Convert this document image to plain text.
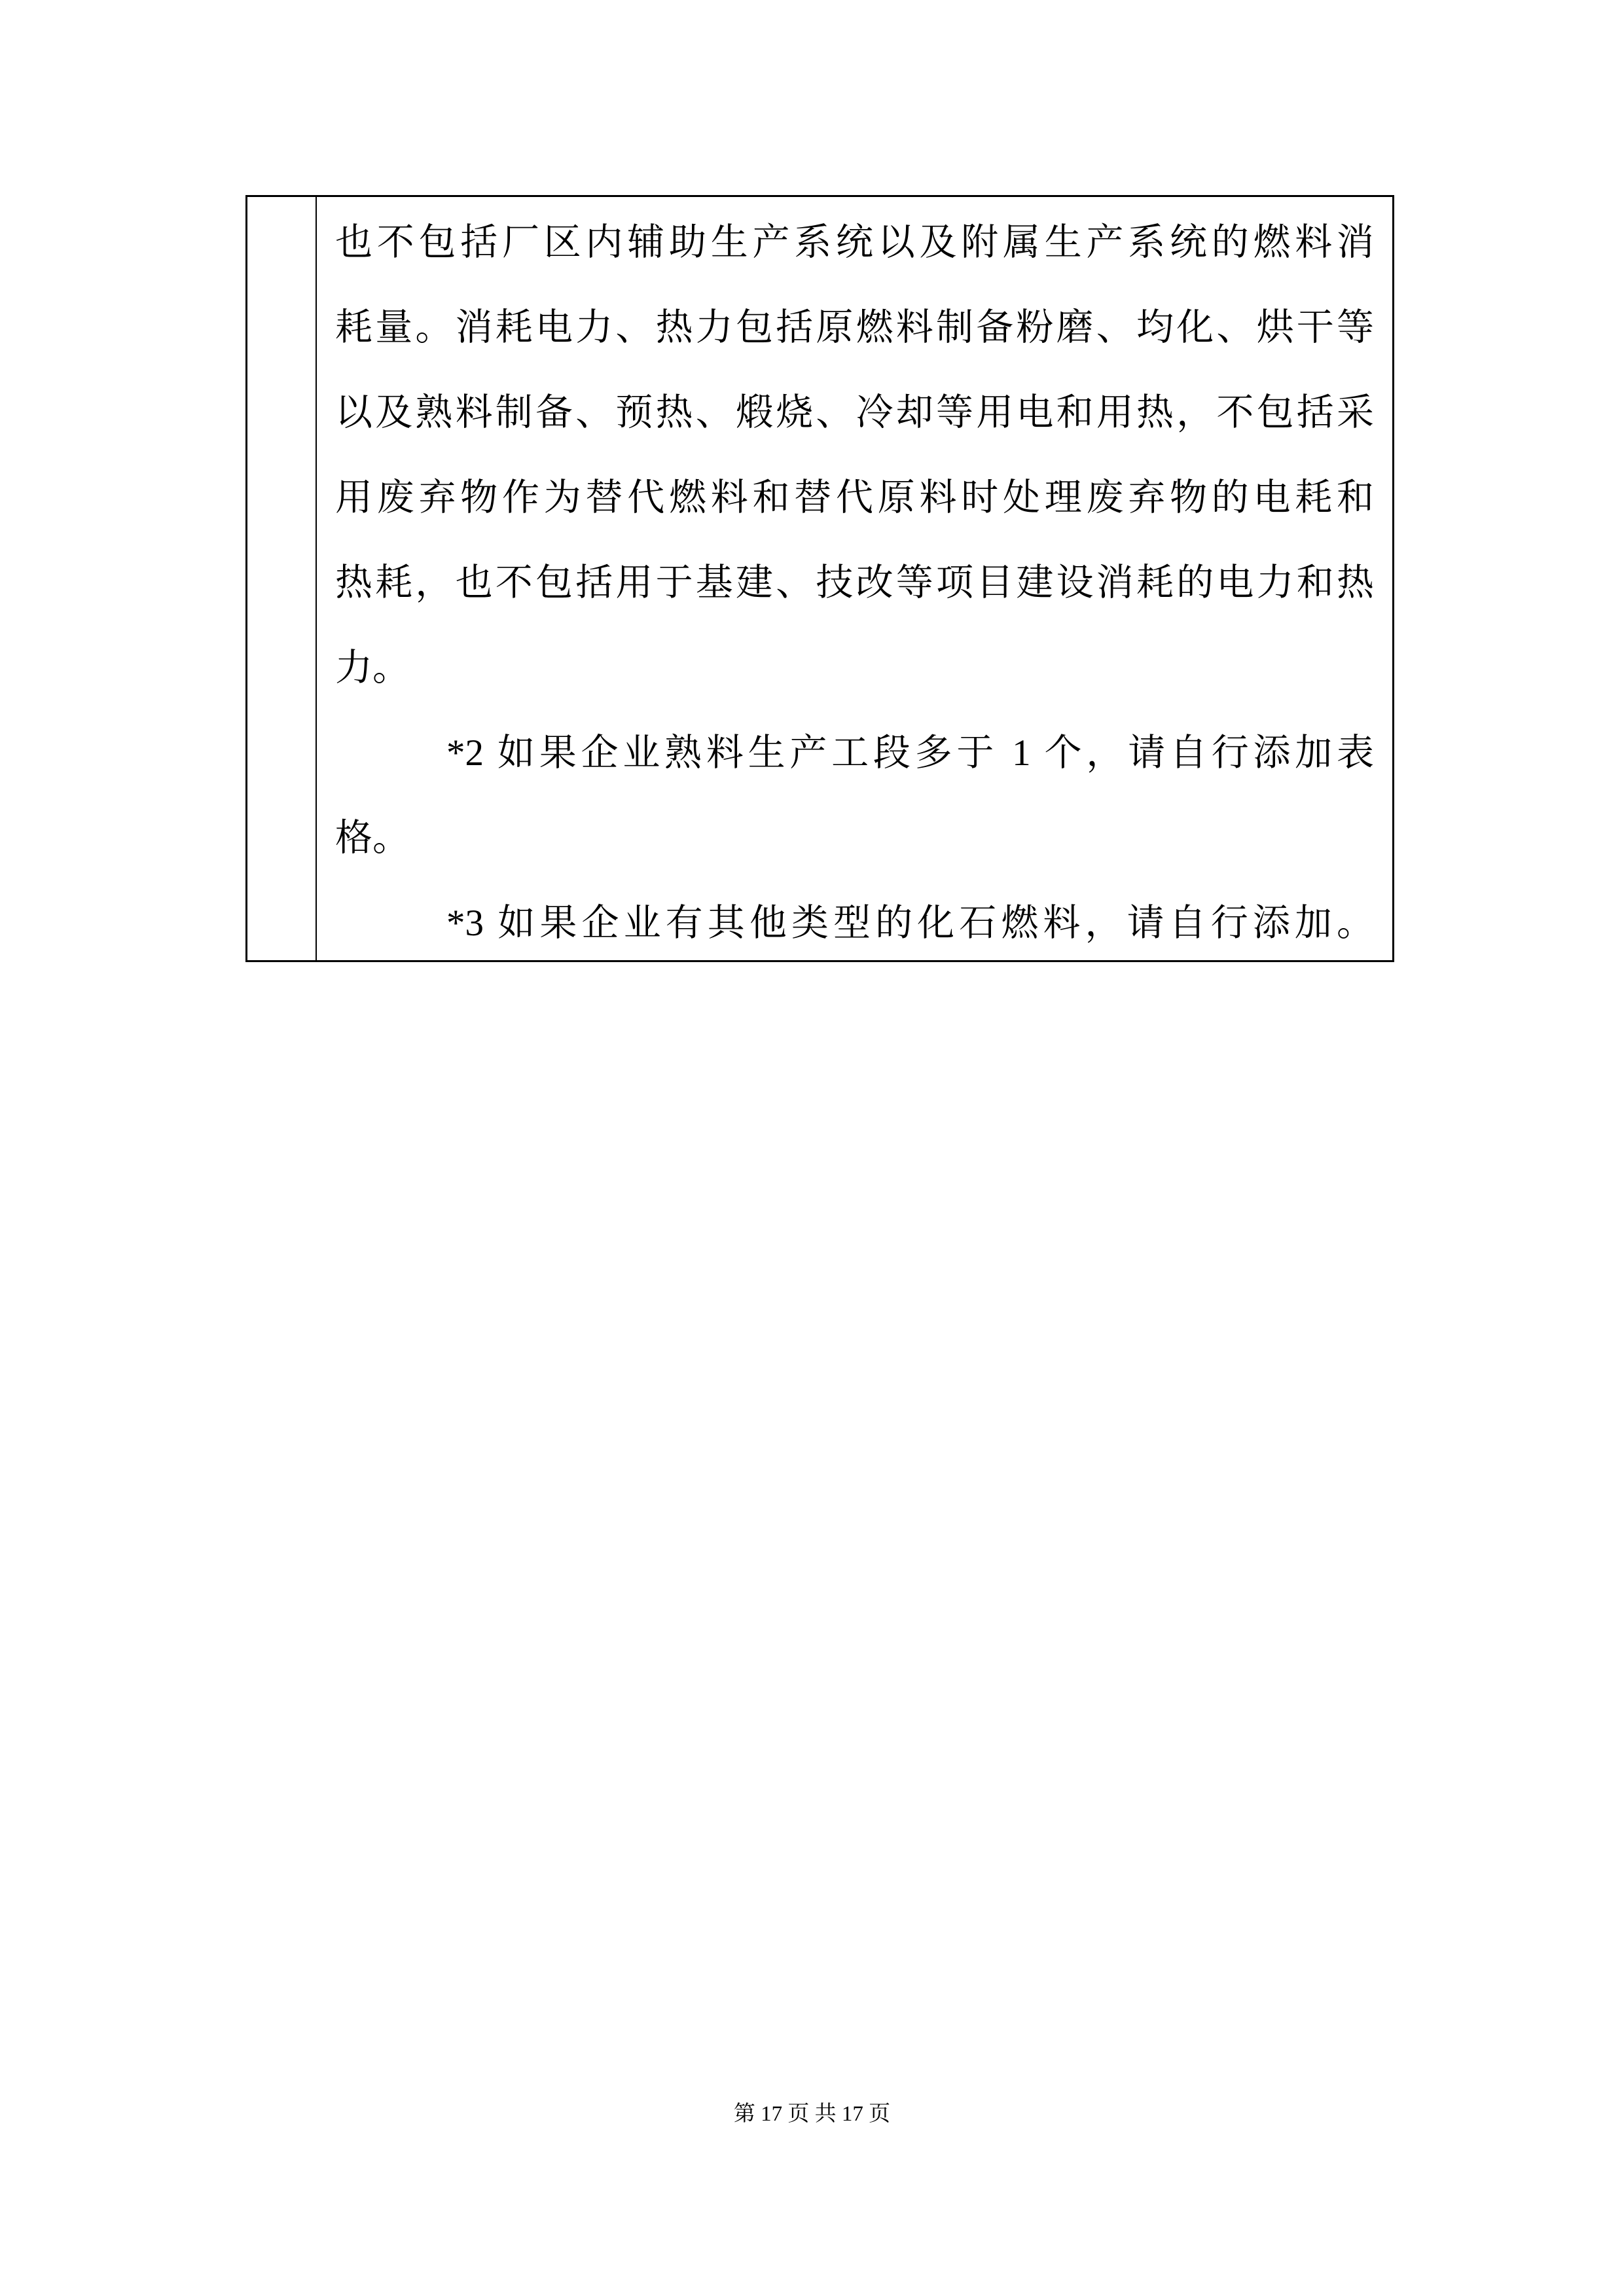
也不包括厂区内辅助生产系统以及附属生产系统的燃料消
耗量。消耗电力、热力包括原燃料制备粉磨、均化、烘干等
以及熟料制备、预热、煅烧、冷却等用电和用热，不包括采
用废弃物作为替代燃料和替代原料时处理废弃物的电耗和
热耗，也不包括用于基建、技改等项目建设消耗的电力和热
力。
*2 如果企业熟料生产工段多于 1 个，请自行添加表
格。
*3 如果企业有其他类型的化石燃料，请自行添加。
第 17 页 共 17 页
